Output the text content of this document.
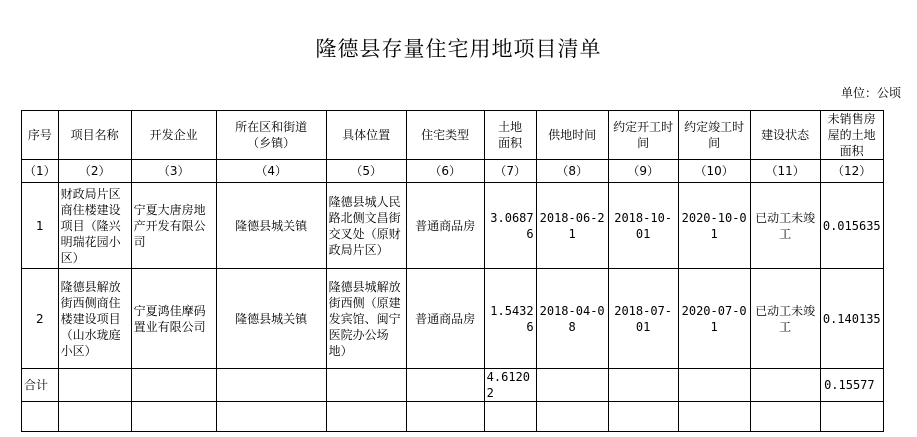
隆德县存量住宅用地项目清单
单位：公顷
序号	项目名称	开发企业	所在区和街道（乡镇）	具体位置	住宅类型	土地面积	供地时间	约定开工时间	约定竣工时间	建设状态	未销售房屋的土地面积
（1）	（2）	（3）	（4）	（5）	（6）	（7）	（8）	（9）	（10）	（11）	（12）
1	财政局片区商住楼建设项目（隆兴明瑞花园小区）	宁夏大唐房地产开发有限公司	隆德县城关镇	隆德县城人民路北侧文昌街交叉处（原财政局片区）	普通商品房	3.06876	2018-06-21	2018-10-01	2020-10-01	已动工未竣工	0.015635
2	隆德县解放街西侧商住楼建设项目（山水珑庭小区）	宁夏鸿佳摩码置业有限公司	隆德县城关镇	隆德县城解放街西侧（原建发宾馆、闽宁医院办公场地）	普通商品房	1.54326	2018-04-08	2018-07-01	2020-07-01	已动工未竣工	0.140135
合计						4.61202					0.15577
